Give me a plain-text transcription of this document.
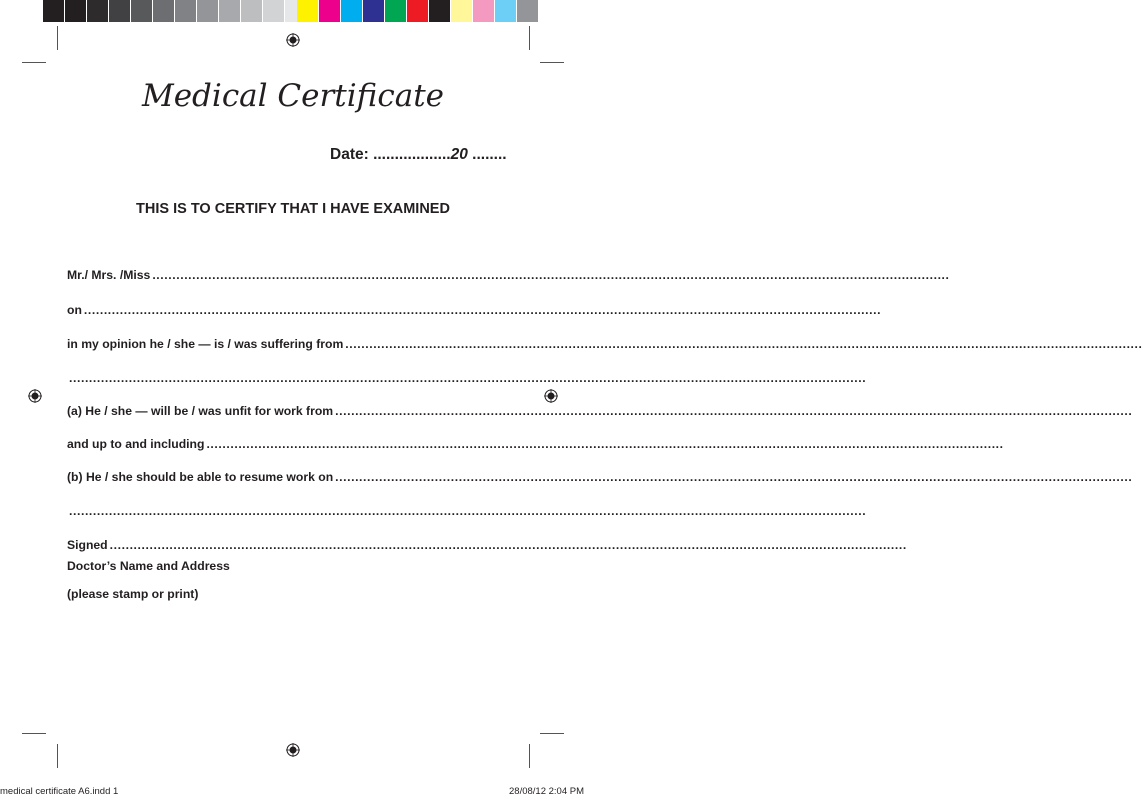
Medical Certificate
Date: ..................20 ........
THIS IS TO CERTIFY THAT I HAVE EXAMINED
Mr./ Mrs. /Miss ........................................................................................................................................................................................................
on ........................................................................................................................................................................................................
in my opinion he / she — is / was suffering from ........................................................................................................................................................................................................
........................................................................................................................................................................................................
(a) He / she — will be / was unfit for work from ........................................................................................................................................................................................................
and up to and including ........................................................................................................................................................................................................
(b) He / she should be able to resume work on ........................................................................................................................................................................................................
........................................................................................................................................................................................................
Signed ........................................................................................................................................................................................................
Doctor’s Name and Address
(please stamp or print)
medical certificate A6.indd 1	28/08/12 2:04 PM
